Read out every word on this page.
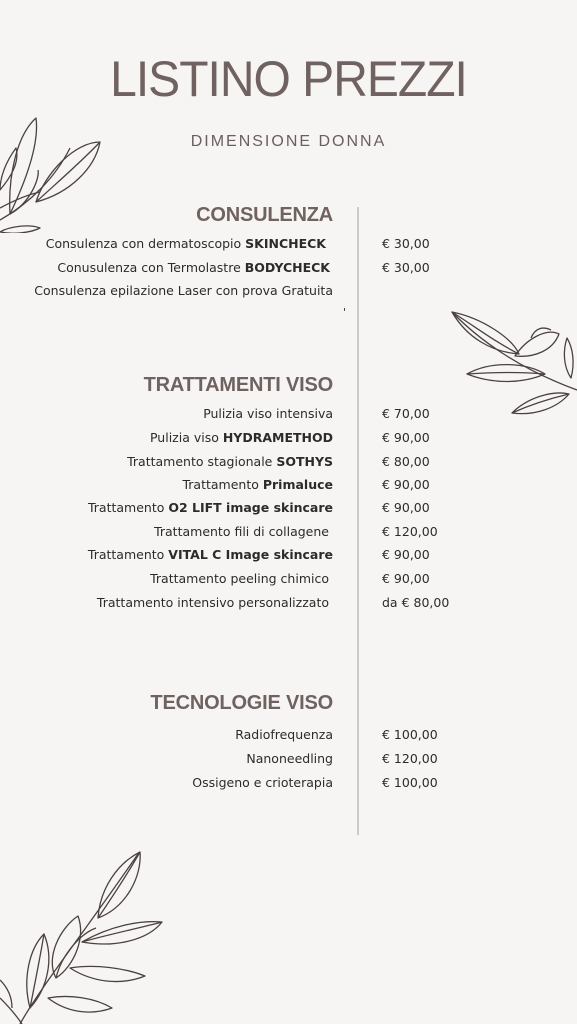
LISTINO PREZZI
DIMENSIONE DONNA
CONSULENZA
Consulenza con dermatoscopio SKINCHECK	€ 30,00
Conusulenza con Termolastre BODYCHECK	€ 30,00
Consulenza epilazione Laser con prova Gratuita
'
TRATTAMENTI VISO
Pulizia viso intensiva	€ 70,00
Pulizia viso HYDRAMETHOD	€ 90,00
Trattamento stagionale SOTHYS	€ 80,00
Trattamento Primaluce	€ 90,00
Trattamento O2 LIFT image skincare	€ 90,00
Trattamento fili di collagene	€ 120,00
Trattamento VITAL C Image skincare	€ 90,00
Trattamento peeling chimico	€ 90,00
Trattamento intensivo personalizzato	da € 80,00
TECNOLOGIE VISO
Radiofrequenza	€ 100,00
Nanoneedling	€ 120,00
Ossigeno e crioterapia	€ 100,00
